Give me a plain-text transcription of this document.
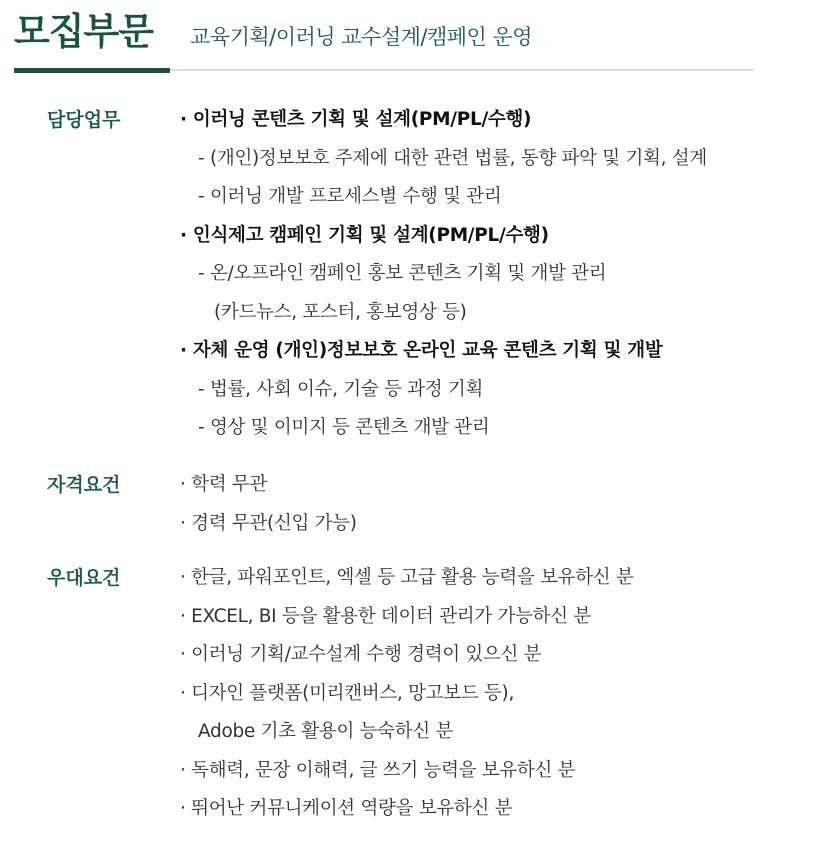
모집부문 교육기획/이러닝 교수설계/캠페인 운영
담당업무	· 이러닝 콘텐츠 기획 및 설계(PM/PL/수행)
- (개인)정보보호 주제에 대한 관련 법률, 동향 파악 및 기획, 설계
- 이러닝 개발 프로세스별 수행 및 관리
· 인식제고 캠페인 기획 및 설계(PM/PL/수행)
- 온/오프라인 캠페인 홍보 콘텐츠 기획 및 개발 관리
(카드뉴스, 포스터, 홍보영상 등)
· 자체 운영 (개인)정보보호 온라인 교육 콘텐츠 기획 및 개발
- 법률, 사회 이슈, 기술 등 과정 기획
- 영상 및 이미지 등 콘텐츠 개발 관리
자격요건	· 학력 무관
· 경력 무관(신입 가능)
우대요건	· 한글, 파워포인트, 엑셀 등 고급 활용 능력을 보유하신 분
· EXCEL, BI 등을 활용한 데이터 관리가 가능하신 분
· 이러닝 기획/교수설계 수행 경력이 있으신 분
· 디자인 플랫폼(미리캔버스, 망고보드 등),
Adobe 기초 활용이 능숙하신 분
· 독해력, 문장 이해력, 글 쓰기 능력을 보유하신 분
· 뛰어난 커뮤니케이션 역량을 보유하신 분
